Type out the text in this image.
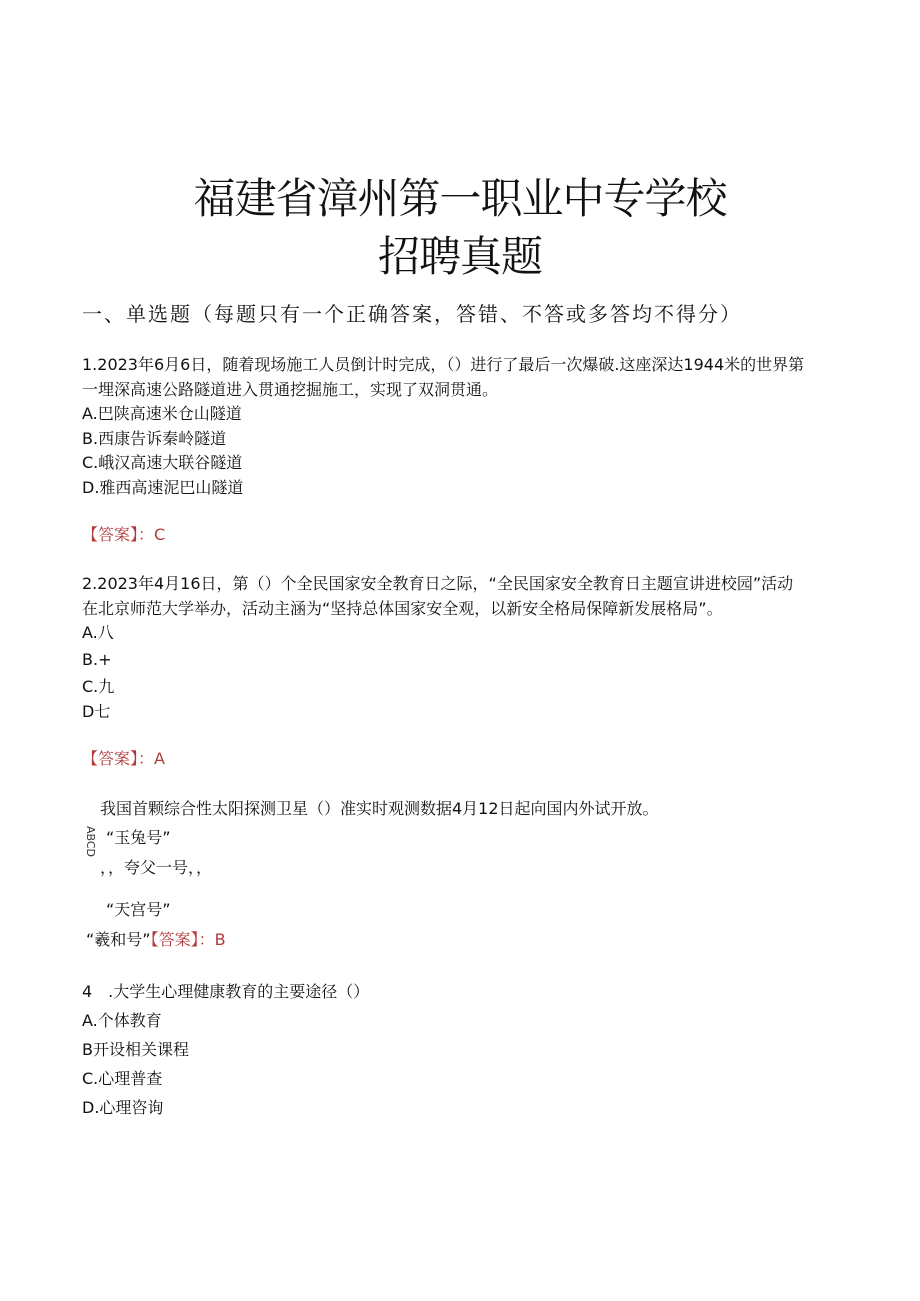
福建省漳州第一职业中专学校
招聘真题
一、单选题（每题只有一个正确答案，答错、不答或多答均不得分）
1.2023年6月6日，随着现场施工人员倒计时完成，（）进行了最后一次爆破.这座深达1944米的世界第
一埋深高速公路隧道进入贯通挖掘施工，实现了双洞贯通。
A.巴陕高速米仓山隧道
B.西康告诉秦岭隧道
C.峨汉高速大联谷隧道
D.雅西高速泥巴山隧道
【答案】：C
2.2023年4月16日，第（）个全民国家安全教育日之际，“全民国家安全教育日主题宣讲进校园”活动
在北京师范大学举办，活动主涵为“坚持总体国家安全观，以新安全格局保障新发展格局”。
A.八
B.+
C.九
D七
【答案】：A
我国首颗综合性太阳探测卫星（）准实时观测数据4月12日起向国内外试开放。
ABCD “玉兔号”
，，夸父一号，，
“天宫号”
“羲和号”【答案】：B
4　.大学生心理健康教育的主要途径（）
A.个体教育
B开设相关课程
C.心理普查
D.心理咨询
